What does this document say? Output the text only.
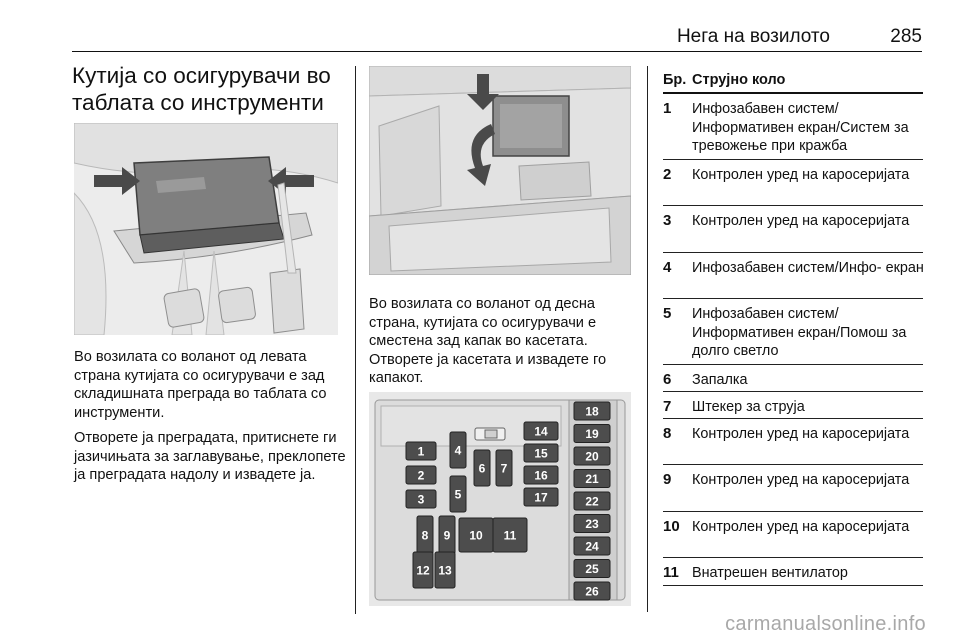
Нега на возилото	285
Кутија со осигурувачи во таблата со инструменти

Во возилата со воланот од левата страна кутијата со осигурувачи е зад складишната преграда во таблата со инструменти.

Отворете ја преградата, притиснете ги јазичињата за заглавување, преклопете ја преградата надолу и извадете ја.

Во возилата со воланот од десна страна, кутијата со осигурувачи е сместена зад капак во касетата. Отворете ја касетата и извадете го капакот.

1
2
3
4
5
6 7
8 9 10 11
12 13
14
15
16
17
18
19
20
21
22
23
24
25
26
Бр. Струјно коло
1 Инфозабавен систем/ Информативен екран/Систем за тревожење при кражба
2 Контролен уред на каросеријата
3 Контролен уред на каросеријата
4 Инфозабавен систем/Инфо- екран
5 Инфозабавен систем/ Информативен екран/Помош за долго светло
6 Запалка
7 Штекер за струја
8 Контролен уред на каросеријата
9 Контролен уред на каросеријата
10 Контролен уред на каросеријата
11 Внатрешен вентилатор
carmanualsonline.info
